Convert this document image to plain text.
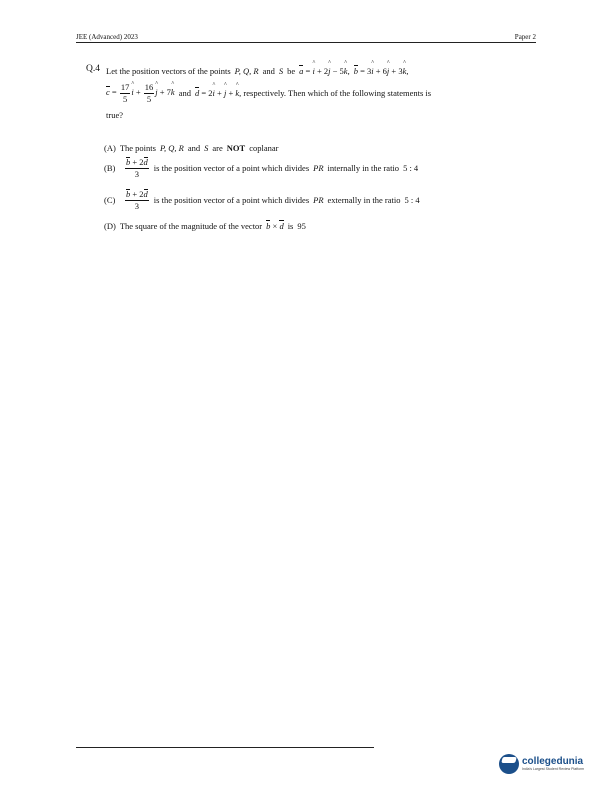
JEE (Advanced) 2023	Paper 2
Q.4 Let the position vectors of the points P, Q, R and S be a = ^ i + 2^ j − 5^ k , b = 3^ i + 6^ j + 3^ k ,
$c = \frac{17}{5}$ ^ $i + \frac{16}{5}$ ^ j + 7^ k and d = 2^ i + ^ j + ^ k , respectively. Then which of the following statements is
true?
(A) The points P, Q, R and S are NOT coplanar
(B)	$\frac{b + 2d}{3}$ is the position vector of a point which divides PR internally in the ratio 5 : 4
(C)	$\frac{b + 2d}{3}$ is the position vector of a point which divides PR externally in the ratio 5 : 4
(D) The square of the magnitude of the vector b × d is 95
collegedunia
India's Largest Student Review Platform
